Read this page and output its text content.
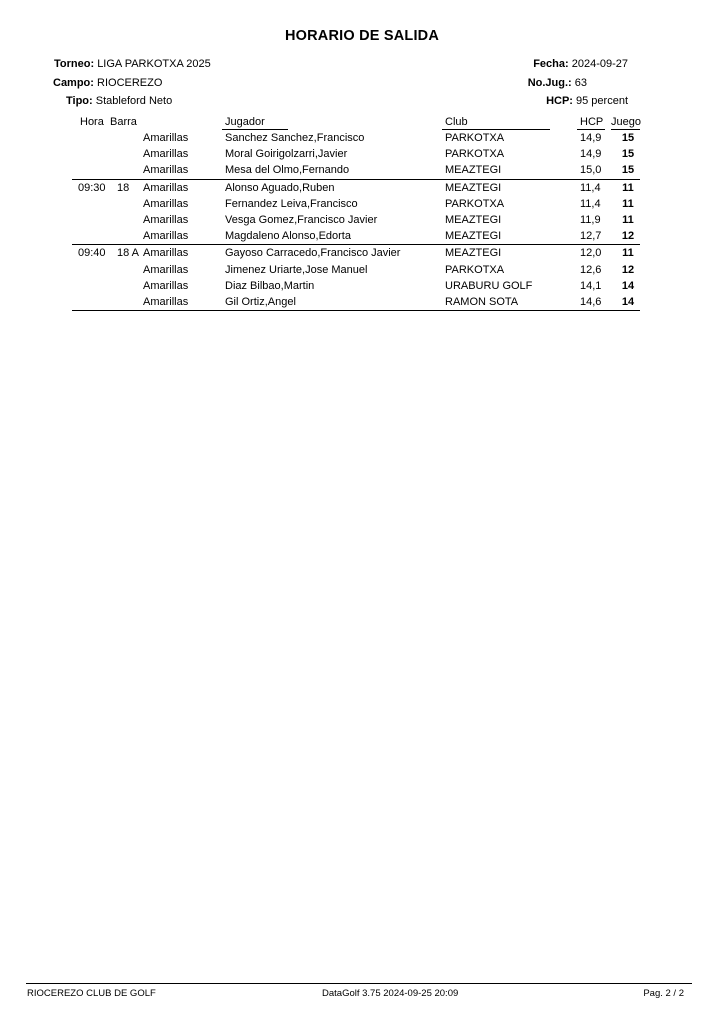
HORARIO DE SALIDA
Torneo: LIGA PARKOTXA 2025
Campo: RIOCEREZO
Tipo: Stableford Neto
Fecha: 2024-09-27
No.Jug.: 63
HCP: 95 percent
Hora Barra	Jugador	Club	HCP Juego
Amarillas	Sanchez Sanchez,Francisco	PARKOTXA	14,9 15
Amarillas	Moral Goirigolzarri,Javier	PARKOTXA	14,9 15
Amarillas	Mesa del Olmo,Fernando	MEAZTEGI	15,0 15
09:30 18 Amarillas	Alonso Aguado,Ruben	MEAZTEGI	11,4 11
Amarillas	Fernandez Leiva,Francisco	PARKOTXA	11,4 11
Amarillas	Vesga Gomez,Francisco Javier	MEAZTEGI	11,9 11
Amarillas	Magdaleno Alonso,Edorta	MEAZTEGI	12,7 12
09:40 18 A Amarillas	Gayoso Carracedo,Francisco Javier	MEAZTEGI	12,0 11
Amarillas	Jimenez Uriarte,Jose Manuel	PARKOTXA	12,6 12
Amarillas	Diaz Bilbao,Martin	URABURU GOLF	14,1 14
Amarillas	Gil Ortiz,Angel	RAMON SOTA	14,6 14
RIOCEREZO CLUB DE GOLF	DataGolf 3.75 2024-09-25 20:09	Pag. 2 / 2
